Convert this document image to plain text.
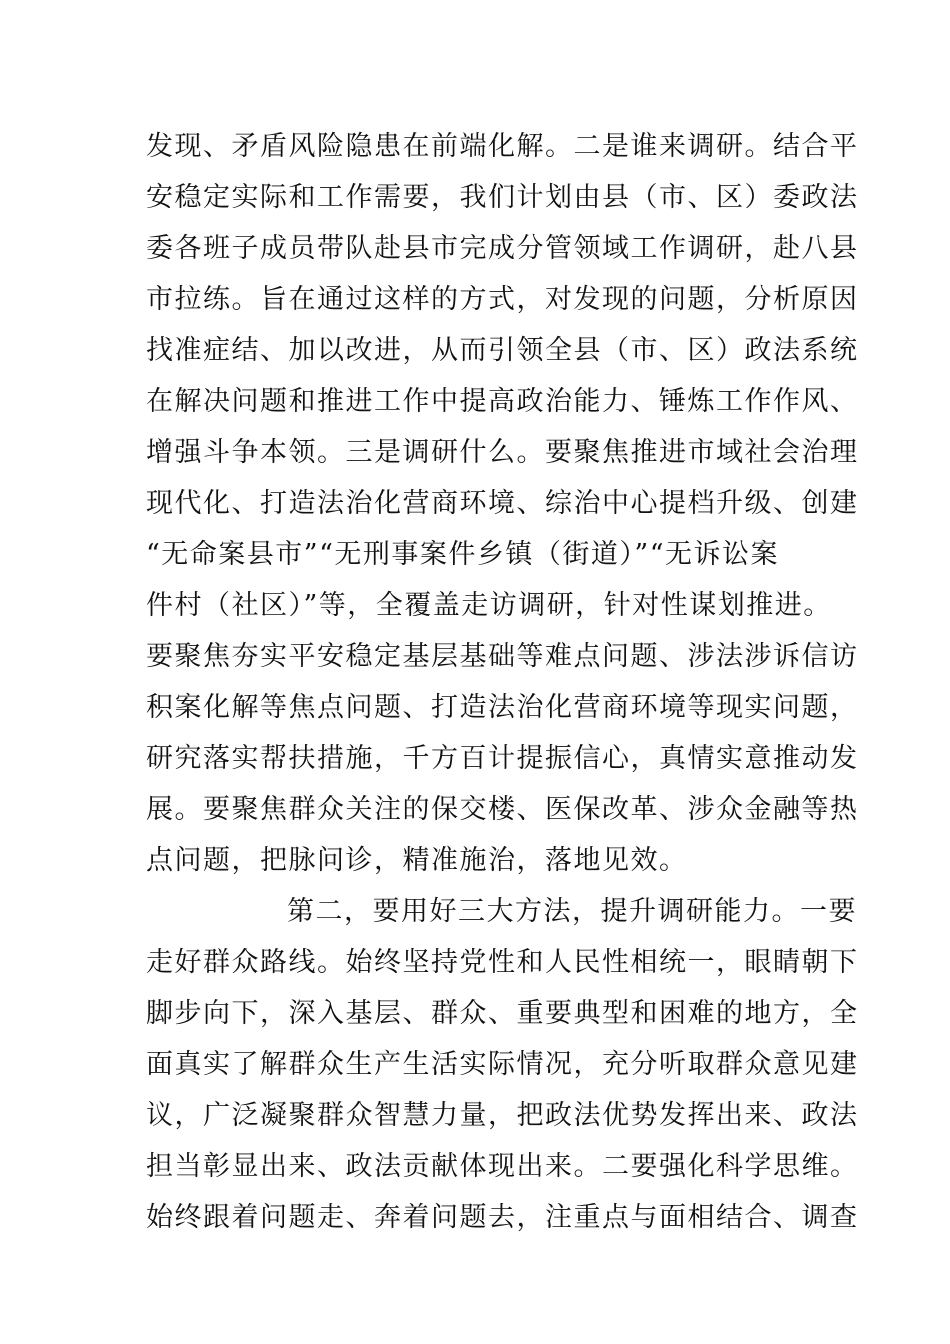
发现、矛盾风险隐患在前端化解。二是谁来调研。结合平
安稳定实际和工作需要，我们计划由县（市、区）委政法
委各班子成员带队赴县市完成分管领域工作调研，赴八县
市拉练。旨在通过这样的方式，对发现的问题，分析原因
找准症结、加以改进，从而引领全县（市、区）政法系统
在解决问题和推进工作中提高政治能力、锤炼工作作风、
增强斗争本领。三是调研什么。要聚焦推进市域社会治理
现代化、打造法治化营商环境、综治中心提档升级、创建
“无命案县市”“无刑事案件乡镇（街道）”“无诉讼案
件村（社区）”等，全覆盖走访调研，针对性谋划推进。
要聚焦夯实平安稳定基层基础等难点问题、涉法涉诉信访
积案化解等焦点问题、打造法治化营商环境等现实问题，
研究落实帮扶措施，千方百计提振信心，真情实意推动发
展。要聚焦群众关注的保交楼、医保改革、涉众金融等热
点问题，把脉问诊，精准施治，落地见效。
第二，要用好三大方法，提升调研能力。一要
走好群众路线。始终坚持党性和人民性相统一，眼睛朝下
脚步向下，深入基层、群众、重要典型和困难的地方，全
面真实了解群众生产生活实际情况，充分听取群众意见建
议，广泛凝聚群众智慧力量，把政法优势发挥出来、政法
担当彰显出来、政法贡献体现出来。二要强化科学思维。
始终跟着问题走、奔着问题去，注重点与面相结合、调查
